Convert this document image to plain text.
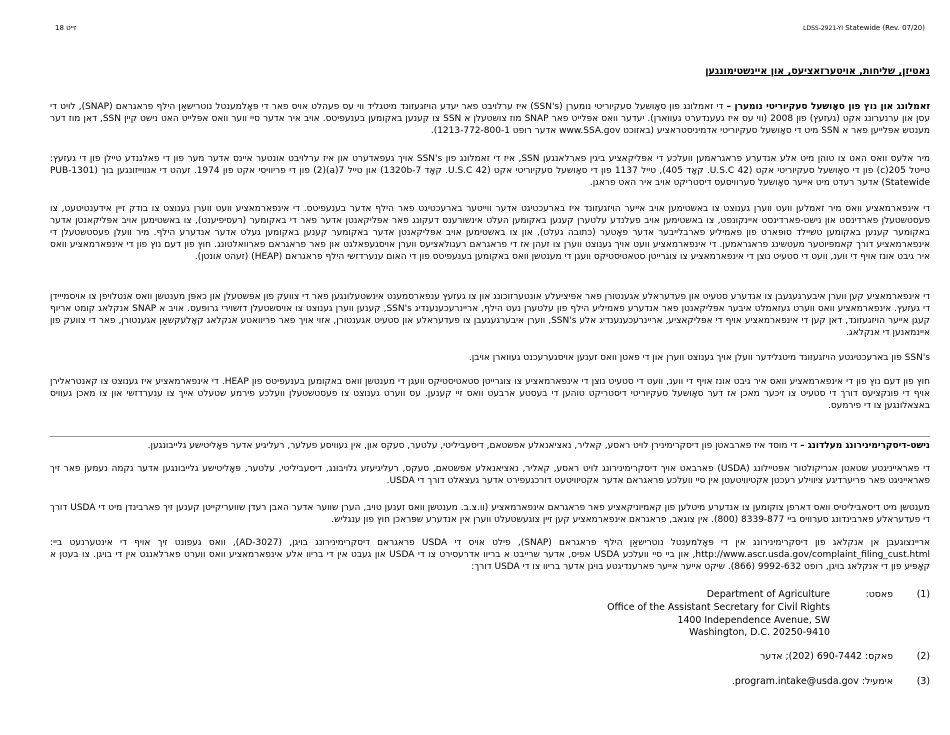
זייט 18	LDSS-2921-YI Statewide (Rev. 07/20)
נאטיזן, שליחות, אויטערזאציעס, און איינשטימונגען

זאמלונג און נוץ פון סאָושעל סעקיוריטי נומערן – די זאמלונג פון סאָושעל סעקיוריטי נומערן (SSN's) איז ערלויבט פאר יעדע הויזגעזונד מיטגליד ווי עס פעהלט אויס פאר די פּאָלמענטל נוטרישאַן הילף פראגראם (SNAP), לויט די עסן און ערנערונג אקט (געזעץ) פון 2008 (ווי עס איז געענדערט געווארן). יעדער וואס אפּלייט פאר SNAP מוז צושטעלן א SSN צו קענען באקומען בענעפיטס. אויב איר אדער סיי ווער וואס אפּלייט האט נישט קיין SSN, דאן מוז דער מענטש אפּלייען פאר א SSN מיט די סאָושעל סעקיוריטי אדמיניסטראציע (באזוכט www.SSA.gov אדער רופט 1213-772-800-1).

מיר אלעס וואס האט צו טוהן מיט אלע אנדערע פראגראמען וועלכע די אפּליקאציע ביגין פארלאנגען SSN, איז די זאמלונג פון SSN's אויך געפאדערט און איז ערלויבט אונטער איינס אדער מער פון די פאלגנדע טיילן פון די געזעץ: טייטל 205(c) פון די סאָושעל סעקיוריטי אקט (42 U.S.C. קאָד 405), טייל 1137 פון די סאָושעל סעקיוריטי אקט (42 U.S.C. קאָד 1320b-7) און טייל 7(a)(2) פון די פריוויסי אקט פון 1974. זעהט די אנווייזונגען בוך (PUB-1301 Statewide) אדער רעדט מיט אייער סאָושעל סערוויסעס דיסטריקט אויב איר האט פראגן.

די אינפארמאציע וואס מיר זאמלען וועט ווערן גענוצט צו באשטימען אויב אייער הויזגעזונד איז בארעכטיגט אדער ווייטער בארעכטיגט פאר הילף אדער בענעפיטס. די אינפארמאציע וועט ווערן גענוצט צו בודק זיין אידענטיטעט, צו פעסטשטעלן פארדינסט און נישט-פארדינסט איינקונפט, צו באשטימען אויב פעלנדע עלטערן קענען באקומען העלט אינשורענס דעקונג פאר אפּליקאנטן אדער פאר די באקומער (רעסיפיענט), צו באשטימען אויב אפּליקאנטן אדער באקומער קענען באקומען טשיילד סופּארט פון פאמיליע פארבלייבער אדער פאָטער (כתובה געלט), און צו באשטימען אויב אפּליקאנטן אדער באקומער קענען באקומען געלט אדער אנדערע הילף. מיר וועלן פעסטשטעלן די אינפארמאציע דורך קאמפּיוטער מעטשינג פראגראמען. די אינפארמאציע וועט אויך גענוצט ווערן צו זעהן אז די פראגראם רעגולאציעס ווערן אויסגעפאלגט און פאר פראגראם פארוואלטונג. חוץ פון דעם נוץ פון די אינפארמאציע וואס איר גיבט אונז אויף די ווענ, וועט די סטעיט נוצן די אינפארמאציע צו צוגרייטן סטאטיסטיקס וועגן די מענטשן וואס באקומען בענעפיטס פון די האום ענערדזשי הילף פראגראם (HEAP) (זעהט אונטן).

די אינפארמאציע קען ווערן איבערגעגעבן צו אנדערע סטעיט און פעדעראלע אגענטורן פאר אפיציעלע אונטערזוכונג און צו געזעץ ענפארסמענט אינשטעלונגען פאר די צוועק פון אפּשטעלן און כאפּן מענטשן וואס אנטלויפן צו אויסמייידן די געזעץ. אינפארמאציע וואס ווערט געזאמלט איבער אפּליקאנטן פאר אנדערע פאמיליע הילף פון עלטערן נעט הילף, אריינרעכענענדיג SSN's, קענען ווערן גענוצט צו אויסשטעלן דזשוירי גרופּעס. אויב א SNAP אנקלאג קומט אריוף קעגן אייער הויזגעזונד, דאן קען די אינפארמאציע אויף די אפּליקאציע, אריינרעכענענדיג אלע SSN's, ווערן איבערגעגעבן צו פעדעראלע און סטעיט אגענטורן, אזוי אויך פאר פריוואטע אנקלאג קאָלעקשאַן אגענטורן, פאר די צוועק פון איינמאנען די אנקלאג.

SSN's פון בארעכטיגטע הויזגעזונד מיטגלידער וועלן אויך גענוצט ווערן און די פאטן וואס זענען אויסגערעכנט געווארן אויבן.

חוץ פון דעם נוץ פון די אינפארמאציע וואס איר גיבט אונז אויף די ווענ, וועט די סטעיט נוצן די אינפארמאציע צו צוגרייטן סטאטיסטיקס וועגן די מענטשן וואס באקומען בענעפיטס פון HEAP. די אינפארמאציע איז גענוצט צו קאנטראלירן אויף די פונקציעס דורך די סטעיט צו זיכער מאכן אז דער סאָושעל סעקיוריטי דיסטריקט טוהען די בעסטע ארבעט וואס זיי קענען. עס ווערט גענוצט צו פעסטשטעלן וועלכע פירמע שטעלט אייך צו ענערדזשי און צו מאכן געוויס באצאלונגען צו די פירמעס.

נישט-דיסקרימינירונג מעלדונג – די מוסד איז פארבאטן פון דיסקרימינירן לויט ראסע, קאליר, נאציאנאלע אפשטאם, דיסעביליטי, עלטער, סעקס און, אין געוויסע פעלער, רעליגיע אדער פּאָליטישע גלייבונגען.

די פאראייניגטע שטאטן אגריקולטור אפּטיילונג (USDA) פארבאט אויך דיסקרימינירונג לויט ראסע, קאליר, נאציאנאלע אפשטאם, סעקס, רעליגיעזע גלויבונג, דיסעביליטי, עלטער, פּאָליטישע גלייבונגען אדער נקמה נעמען פאר זיך פאראייניגט פאר פריערדיגע ציווילע רעכטן אקטיוויטעטן אין סיי וועלכע פראגראם אדער אקטיוויטעט דורכגעפירט אדער געצאלט דורך די USDA.

מענטשן מיט דיסאבּיליטיס וואס דארפן צוקומען צו אנדערע מיטלען פון קאמיוניקאציע פאר פראגראם אינפארמאציע (וו.צ.ב. מענטשן וואס זענען טויב, הערן שווער אדער האבן רעדן שוועריקייטן קענען זיך פארבינדן מיט די USDA דורך די פעדעראלע פארבינדונג סערוויס ביי 8339-877 (800). אין צוגאב, פראגראם אינפארמאציע קען זיין צוגעשטעלט ווערן אין אנדערע שפּראכן חוץ פון ענגליש.

אריינצוגעבן אן אנקלאג פון דיסקרימינירונג אין די פּאָלמענטל נוטרישאַן הילף פראגראם (SNAP), פילט אויס די USDA פראגראם דיסקרימינירונג בויגן, (AD-3027), וואס געפונט זיך אויף די אינטערנעט ביי: http://www.ascr.usda.gov/complaint_filing_cust.html, און ביי סיי וועלכע USDA אפיס, אדער שרייבט א בריוו אדרעסירט צו די USDA און געבט אין די בריוו אלע אינפארמאציע וואס ווערט פארלאנגט אין די בויגן. צו בעטן א קאָפּיע פון די אנקלאג בויגן, רופט 9992-632 (866). שיקט אייער אייער פארענדיגטע בויגן אדער בריוו צו די USDA דורך:

(1) פאסט:
Department of Agriculture
Office of the Assistant Secretary for Civil Rights
1400 Independence Avenue, SW
Washington, D.C. 20250-9410
(2) פאקס: 690-7442 (202); אדער
(3) אימעיל: program.intake@usda.gov.
